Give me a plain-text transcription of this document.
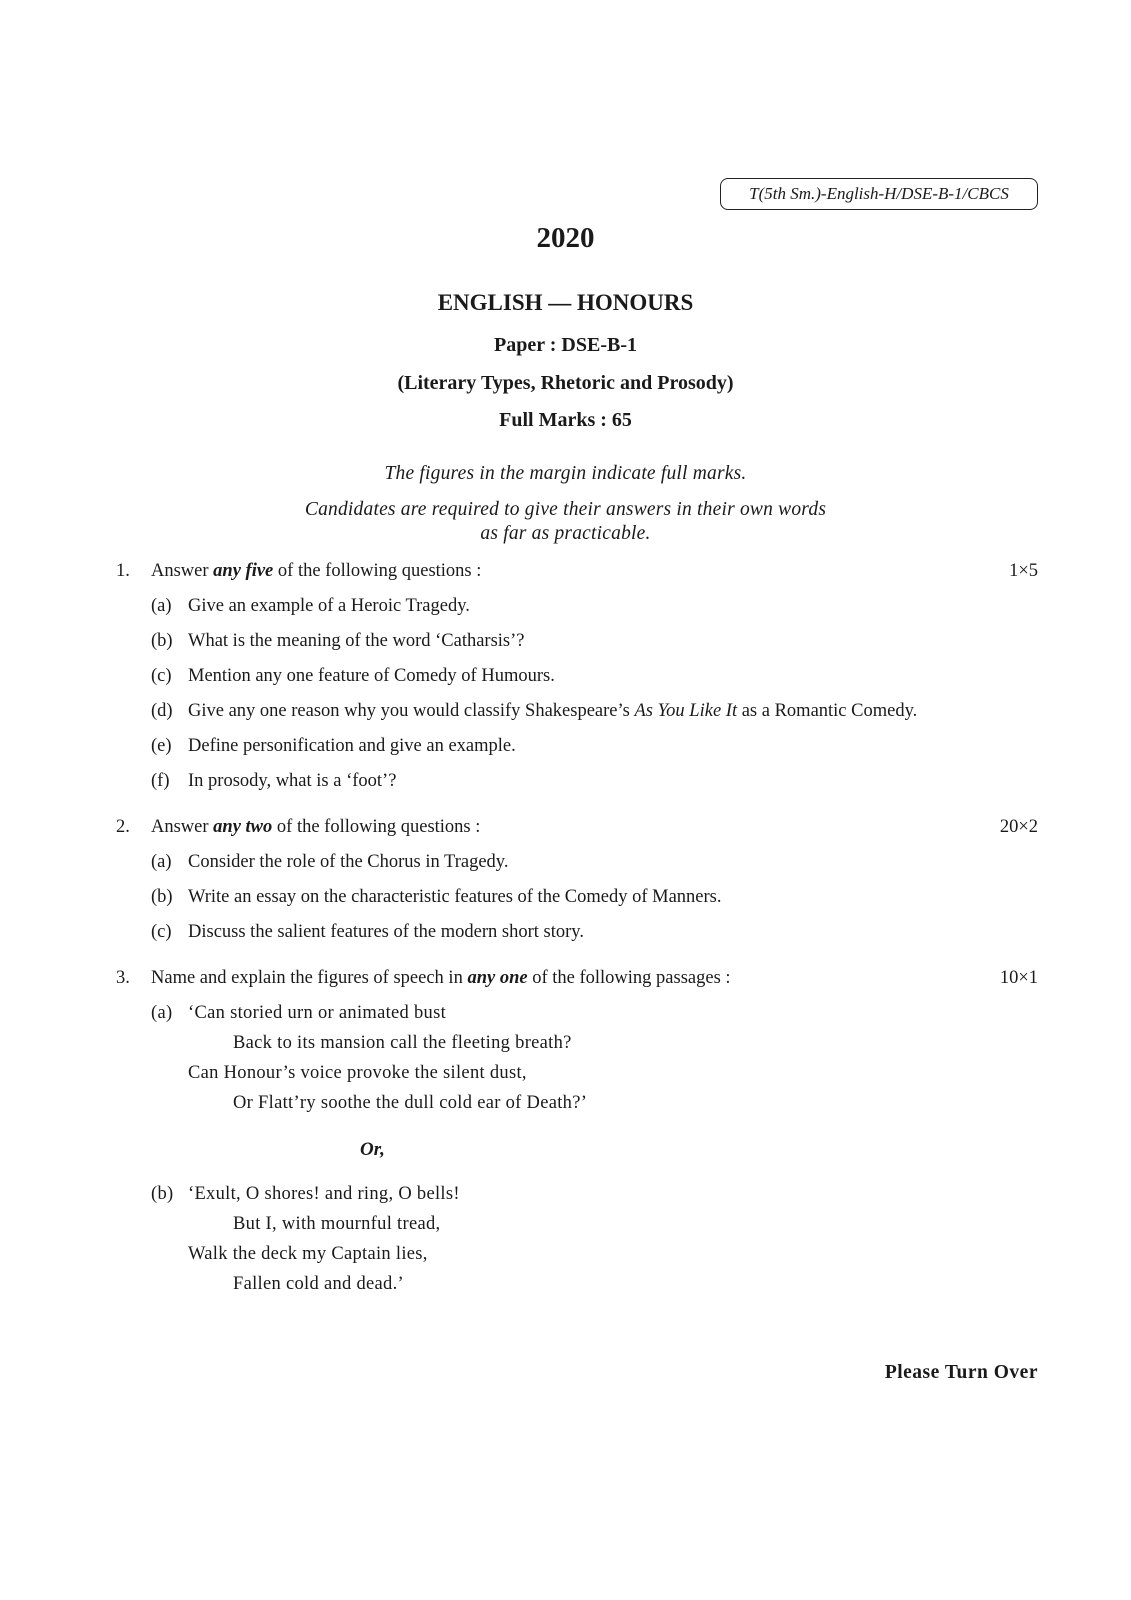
T(5th Sm.)-English-H/DSE-B-1/CBCS
2020
ENGLISH — HONOURS
Paper : DSE-B-1
(Literary Types, Rhetoric and Prosody)
Full Marks : 65
The figures in the margin indicate full marks.
Candidates are required to give their answers in their own words
as far as practicable.
1. Answer any five of the following questions :	1×5
(a) Give an example of a Heroic Tragedy.
(b) What is the meaning of the word ‘Catharsis’?
(c) Mention any one feature of Comedy of Humours.
(d) Give any one reason why you would classify Shakespeare’s As You Like It as a Romantic Comedy.
(e) Define personification and give an example.
(f) In prosody, what is a ‘foot’?
2. Answer any two of the following questions :	20×2
(a) Consider the role of the Chorus in Tragedy.
(b) Write an essay on the characteristic features of the Comedy of Manners.
(c) Discuss the salient features of the modern short story.
3. Name and explain the figures of speech in any one of the following passages :	10×1
(a) ‘Can storied urn or animated bust
Back to its mansion call the fleeting breath?
Can Honour’s voice provoke the silent dust,
Or Flatt’ry soothe the dull cold ear of Death?’
Or,
(b) ‘Exult, O shores! and ring, O bells!
But I, with mournful tread,
Walk the deck my Captain lies,
Fallen cold and dead.’
Please Turn Over
